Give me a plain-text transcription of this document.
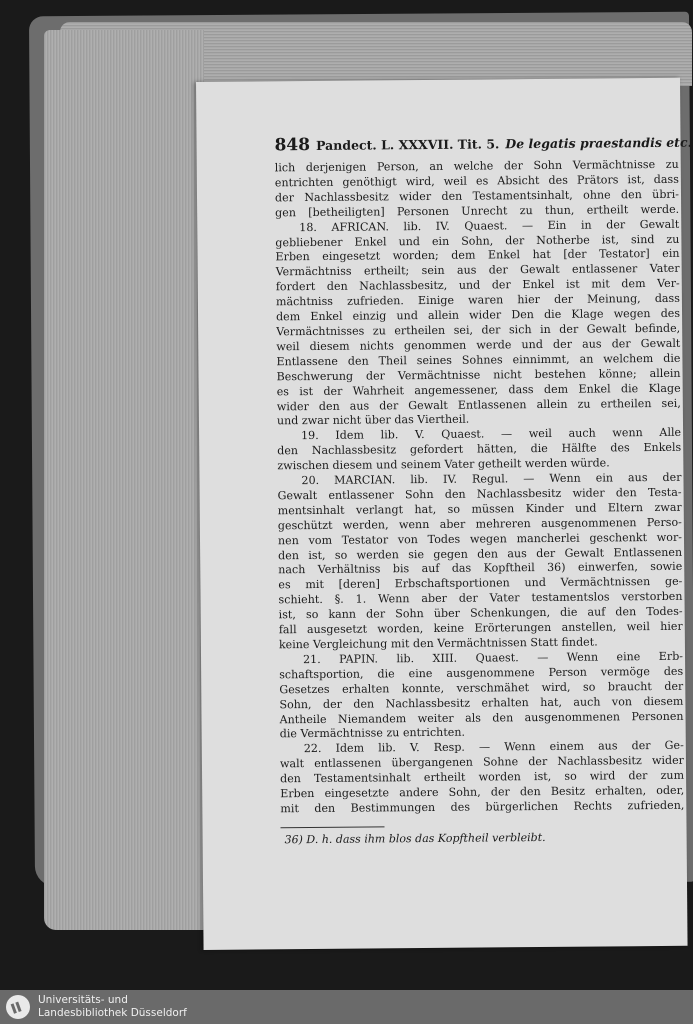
848 Pandect. L. XXXVII. Tit. 5. De legatis praestandis etc.
lich derjenigen Person, an welche der Sohn Vermächtnisse zu
entrichten genöthigt wird, weil es Absicht des Prätors ist, dass
der Nachlassbesitz wider den Testamentsinhalt, ohne den übri-
gen [betheiligten] Personen Unrecht zu thun, ertheilt werde.
18. AFRICAN. lib. IV. Quaest. — Ein in der Gewalt
gebliebener Enkel und ein Sohn, der Notherbe ist, sind zu
Erben eingesetzt worden; dem Enkel hat [der Testator] ein
Vermächtniss ertheilt; sein aus der Gewalt entlassener Vater
fordert den Nachlassbesitz, und der Enkel ist mit dem Ver-
mächtniss zufrieden. Einige waren hier der Meinung, dass
dem Enkel einzig und allein wider Den die Klage wegen des
Vermächtnisses zu ertheilen sei, der sich in der Gewalt befinde,
weil diesem nichts genommen werde und der aus der Gewalt
Entlassene den Theil seines Sohnes einnimmt, an welchem die
Beschwerung der Vermächtnisse nicht bestehen könne; allein
es ist der Wahrheit angemessener, dass dem Enkel die Klage
wider den aus der Gewalt Entlassenen allein zu ertheilen sei,
und zwar nicht über das Viertheil.
19. Idem lib. V. Quaest. — weil auch wenn Alle
den Nachlassbesitz gefordert hätten, die Hälfte des Enkels
zwischen diesem und seinem Vater getheilt werden würde.
20. MARCIAN. lib. IV. Regul. — Wenn ein aus der
Gewalt entlassener Sohn den Nachlassbesitz wider den Testa-
mentsinhalt verlangt hat, so müssen Kinder und Eltern zwar
geschützt werden, wenn aber mehreren ausgenommenen Perso-
nen vom Testator von Todes wegen mancherlei geschenkt wor-
den ist, so werden sie gegen den aus der Gewalt Entlassenen
nach Verhältniss bis auf das Kopftheil 36) einwerfen, sowie
es mit [deren] Erbschaftsportionen und Vermächtnissen ge-
schieht. §. 1. Wenn aber der Vater testamentslos verstorben
ist, so kann der Sohn über Schenkungen, die auf den Todes-
fall ausgesetzt worden, keine Erörterungen anstellen, weil hier
keine Vergleichung mit den Vermächtnissen Statt findet.
21. PAPIN. lib. XIII. Quaest. — Wenn eine Erb-
schaftsportion, die eine ausgenommene Person vermöge des
Gesetzes erhalten konnte, verschmähet wird, so braucht der
Sohn, der den Nachlassbesitz erhalten hat, auch von diesem
Antheile Niemandem weiter als den ausgenommenen Personen
die Vermächtnisse zu entrichten.
22. Idem lib. V. Resp. — Wenn einem aus der Ge-
walt entlassenen übergangenen Sohne der Nachlassbesitz wider
den Testamentsinhalt ertheilt worden ist, so wird der zum
Erben eingesetzte andere Sohn, der den Besitz erhalten, oder,
mit den Bestimmungen des bürgerlichen Rechts zufrieden,
36) D. h. dass ihm blos das Kopftheil verbleibt.
Universitäts- und
Landesbibliothek Düsseldorf
